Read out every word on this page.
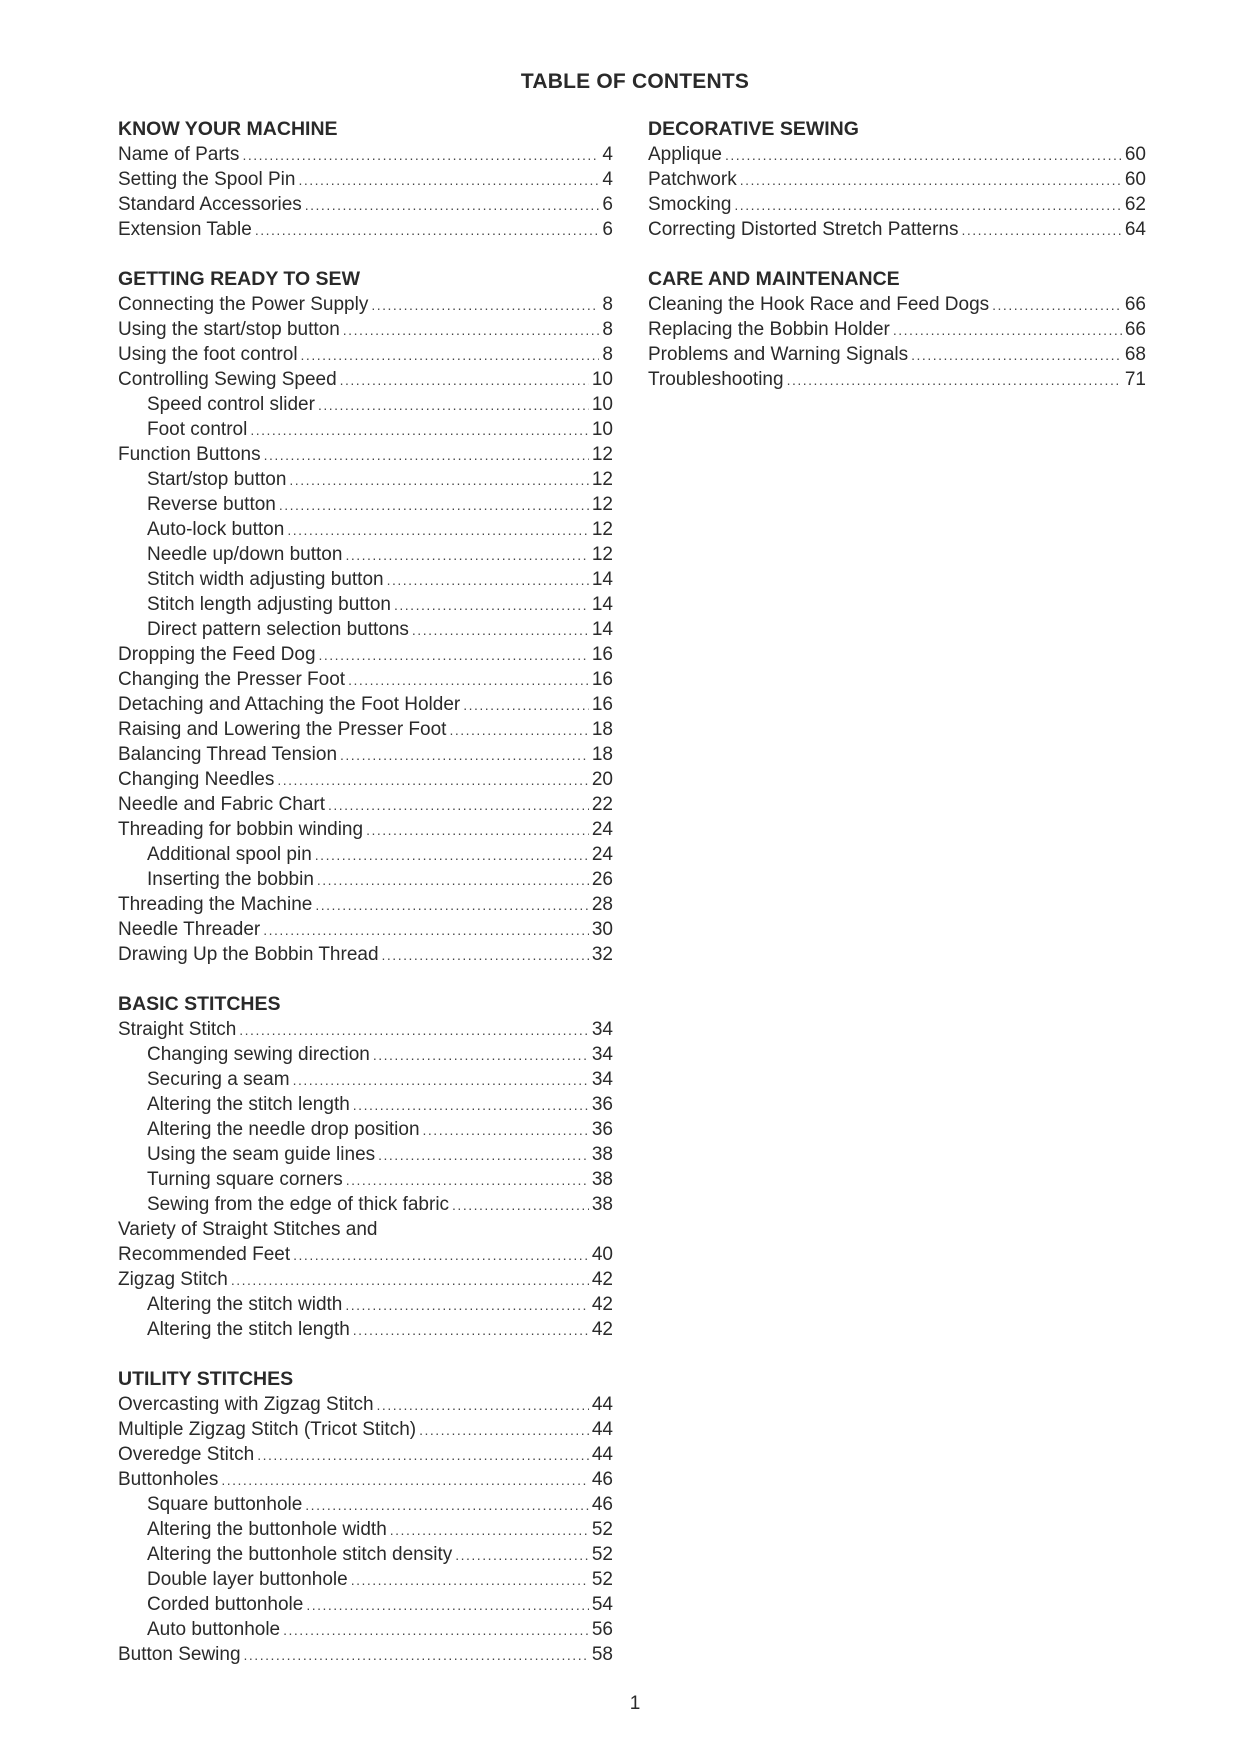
TABLE OF CONTENTS
KNOW YOUR MACHINE
Name of Parts .....	4
Setting the Spool Pin .....	4
Standard Accessories .....	6
Extension Table .....	6
GETTING READY TO SEW
Connecting the Power Supply .....	8
Using the start/stop button .....	8
Using the foot control .....	8
Controlling Sewing Speed .....	10
Speed control slider .....	10
Foot control .....	10
Function Buttons .....	12
Start/stop button .....	12
Reverse button .....	12
Auto-lock button .....	12
Needle up/down button .....	12
Stitch width adjusting button .....	14
Stitch length adjusting button .....	14
Direct pattern selection buttons .....	14
Dropping the Feed Dog .....	16
Changing the Presser Foot .....	16
Detaching and Attaching the Foot Holder .....	16
Raising and Lowering the Presser Foot .....	18
Balancing Thread Tension .....	18
Changing Needles .....	20
Needle and Fabric Chart .....	22
Threading for bobbin winding .....	24
Additional spool pin .....	24
Inserting the bobbin .....	26
Threading the Machine .....	28
Needle Threader .....	30
Drawing Up the Bobbin Thread .....	32
BASIC STITCHES
Straight Stitch .....	34
Changing sewing direction .....	34
Securing a seam .....	34
Altering the stitch length .....	36
Altering the needle drop position .....	36
Using the seam guide lines .....	38
Turning square corners .....	38
Sewing from the edge of thick fabric .....	38
Variety of Straight Stitches and
Recommended Feet .....	40
Zigzag Stitch .....	42
Altering the stitch width .....	42
Altering the stitch length .....	42
UTILITY STITCHES
Overcasting with Zigzag Stitch .....	44
Multiple Zigzag Stitch (Tricot Stitch) .....	44
Overedge Stitch .....	44
Buttonholes .....	46
Square buttonhole .....	46
Altering the buttonhole width .....	52
Altering the buttonhole stitch density .....	52
Double layer buttonhole .....	52
Corded buttonhole .....	54
Auto buttonhole .....	56
Button Sewing .....	58
DECORATIVE SEWING
Applique .....	60
Patchwork .....	60
Smocking .....	62
Correcting Distorted Stretch Patterns .....	64
CARE AND MAINTENANCE
Cleaning the Hook Race and Feed Dogs .....	66
Replacing the Bobbin Holder .....	66
Problems and Warning Signals .....	68
Troubleshooting .....	71
1
